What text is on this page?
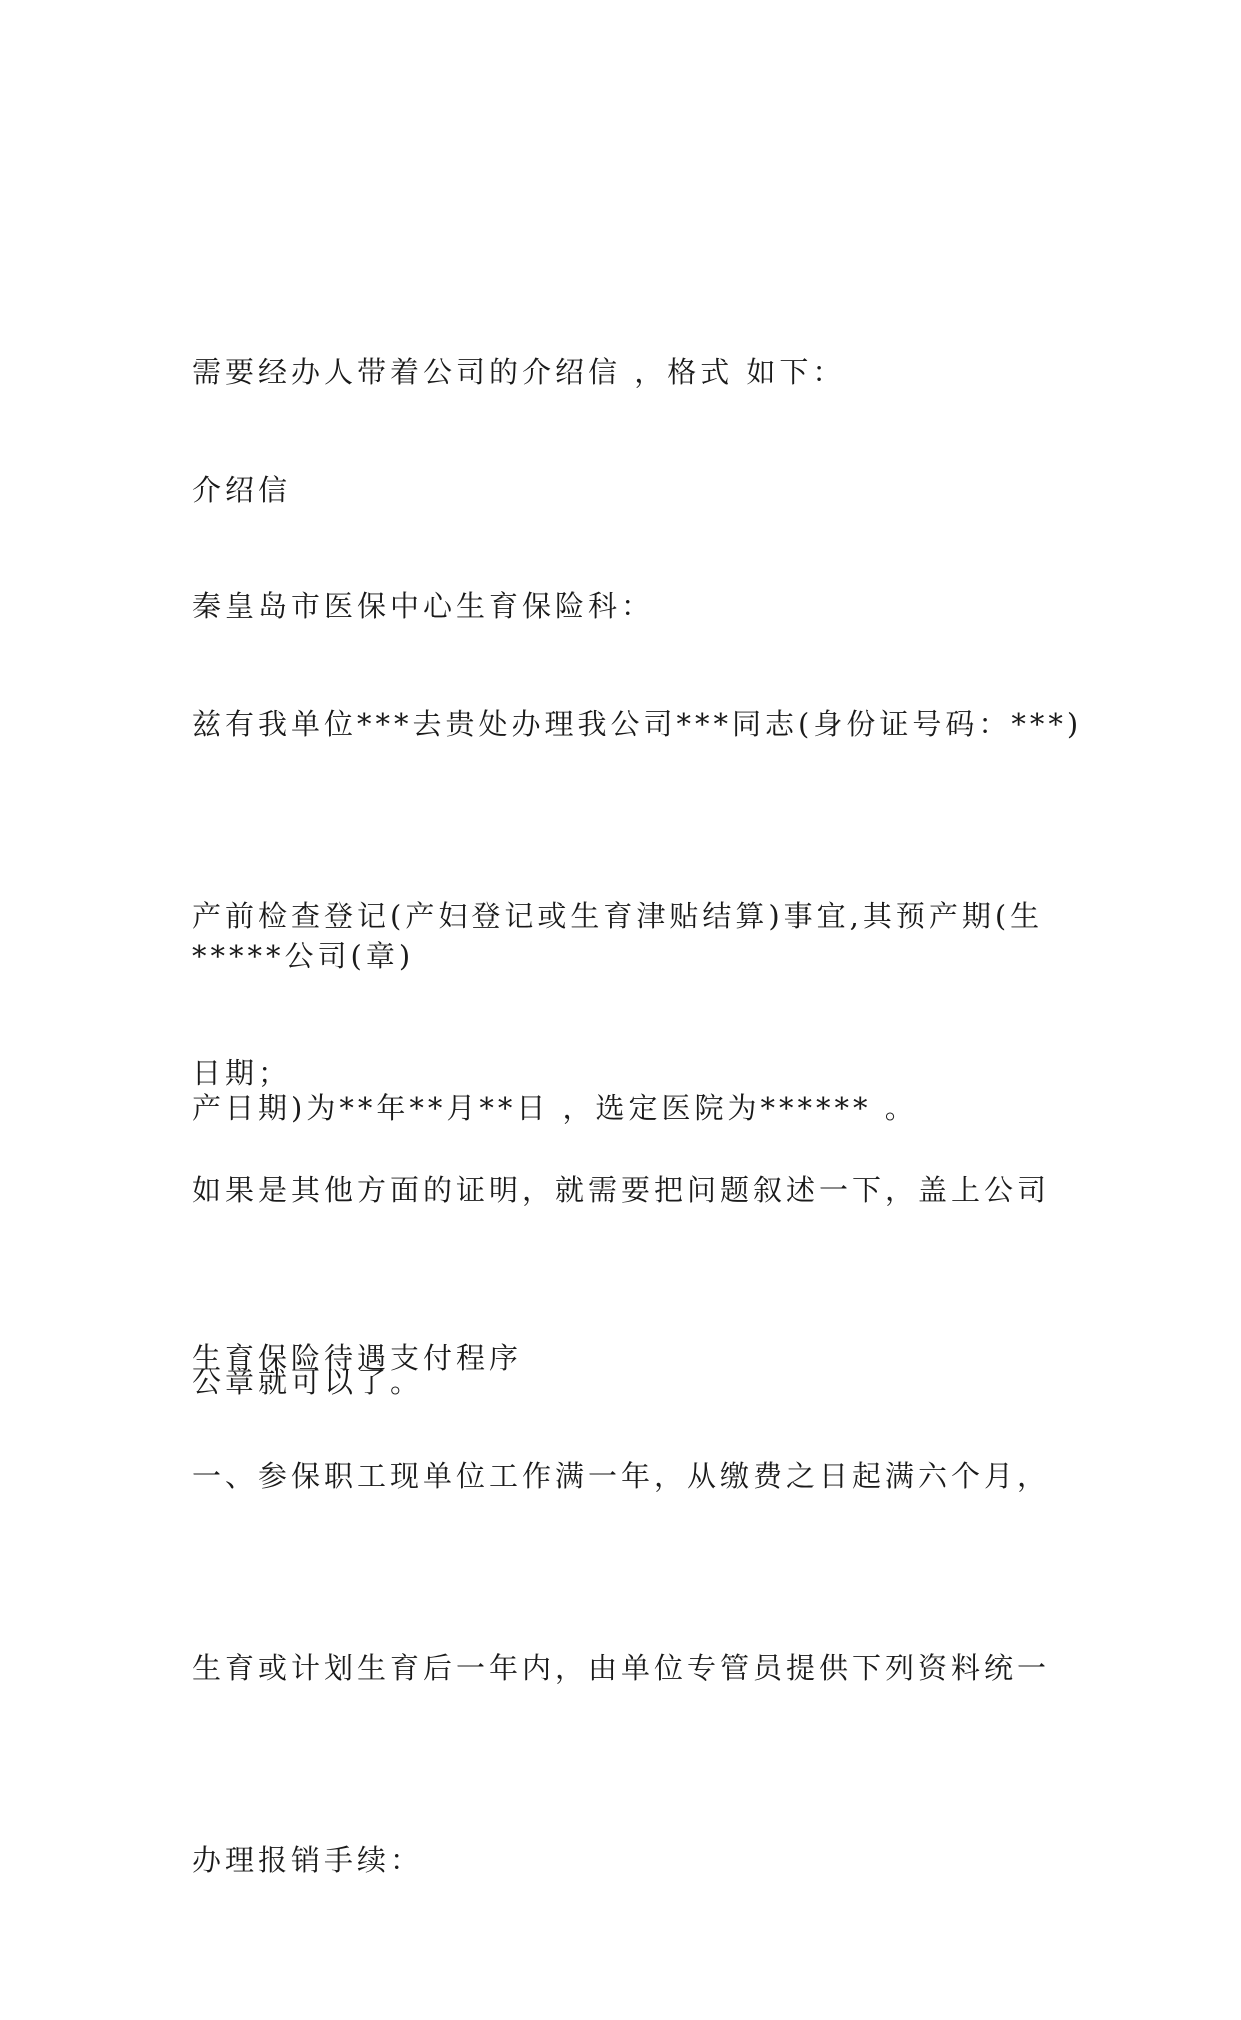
需要经办人带着公司的介绍信 ，格式 如下：

介绍信

秦皇岛市医保中心生育保险科：

兹有我单位***去贵处办理我公司***同志(身份证号码：***)

产前检查登记(产妇登记或生育津贴结算)事宜,其预产期(生

产日期)为**年**月**日 ，选定医院为****** 。

*****公司(章)

日期；

如果是其他方面的证明，就需要把问题叙述一下，盖上公司

公章就可以了。

生育保险待遇支付程序

一、参保职工现单位工作满一年，从缴费之日起满六个月，

生育或计划生育后一年内，由单位专管员提供下列资料统一

办理报销手续：
